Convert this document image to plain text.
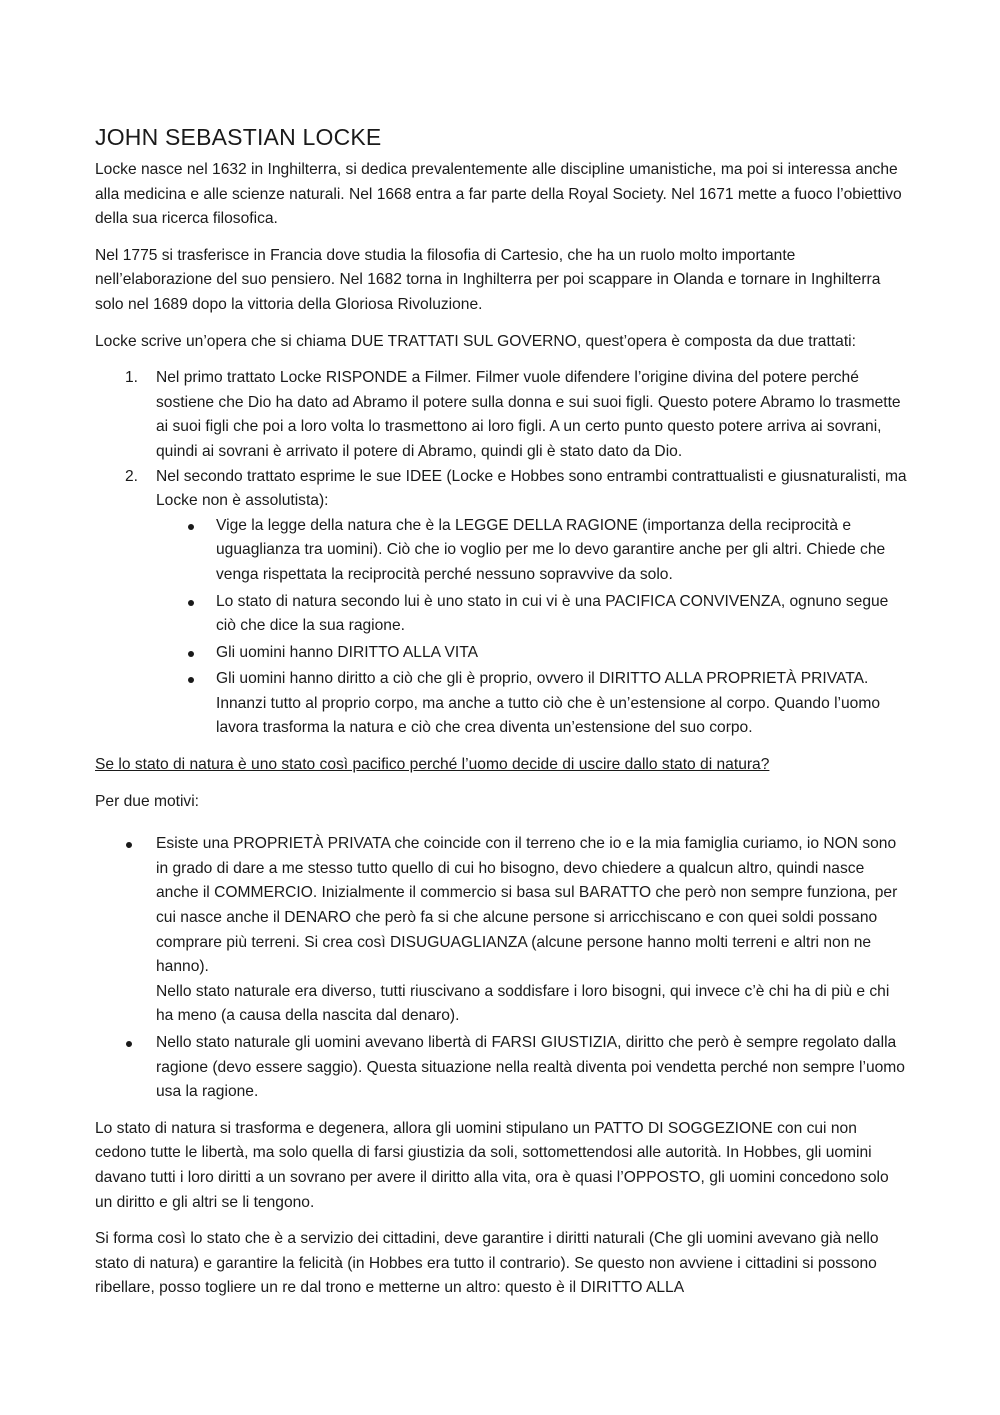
JOHN SEBASTIAN LOCKE

Locke nasce nel 1632 in Inghilterra, si dedica prevalentemente alle discipline umanistiche, ma poi si interessa anche alla medicina e alle scienze naturali. Nel 1668 entra a far parte della Royal Society. Nel 1671 mette a fuoco l’obiettivo della sua ricerca filosofica.

Nel 1775 si trasferisce in Francia dove studia la filosofia di Cartesio, che ha un ruolo molto importante nell’elaborazione del suo pensiero. Nel 1682 torna in Inghilterra per poi scappare in Olanda e tornare in Inghilterra solo nel 1689 dopo la vittoria della Gloriosa Rivoluzione.

Locke scrive un’opera che si chiama DUE TRATTATI SUL GOVERNO, quest’opera è composta da due trattati:

1. Nel primo trattato Locke RISPONDE a Filmer. Filmer vuole difendere l’origine divina del potere perché sostiene che Dio ha dato ad Abramo il potere sulla donna e sui suoi figli. Questo potere Abramo lo trasmette ai suoi figli che poi a loro volta lo trasmettono ai loro figli. A un certo punto questo potere arriva ai sovrani, quindi ai sovrani è arrivato il potere di Abramo, quindi gli è stato dato da Dio.
2. Nel secondo trattato esprime le sue IDEE (Locke e Hobbes sono entrambi contrattualisti e giusnaturalisti, ma Locke non è assolutista):
Vige la legge della natura che è la LEGGE DELLA RAGIONE (importanza della reciprocità e uguaglianza tra uomini). Ciò che io voglio per me lo devo garantire anche per gli altri. Chiede che venga rispettata la reciprocità perché nessuno sopravvive da solo.
Lo stato di natura secondo lui è uno stato in cui vi è una PACIFICA CONVIVENZA, ognuno segue ciò che dice la sua ragione.
Gli uomini hanno DIRITTO ALLA VITA
Gli uomini hanno diritto a ciò che gli è proprio, ovvero il DIRITTO ALLA PROPRIETÀ PRIVATA. Innanzi tutto al proprio corpo, ma anche a tutto ciò che è un’estensione al corpo. Quando l’uomo lavora trasforma la natura e ciò che crea diventa un’estensione del suo corpo.

Se lo stato di natura è uno stato così pacifico perché l’uomo decide di uscire dallo stato di natura?

Per due motivi:

Esiste una PROPRIETÀ PRIVATA che coincide con il terreno che io e la mia famiglia curiamo, io NON sono in grado di dare a me stesso tutto quello di cui ho bisogno, devo chiedere a qualcun altro, quindi nasce anche il COMMERCIO. Inizialmente il commercio si basa sul BARATTO che però non sempre funziona, per cui nasce anche il DENARO che però fa si che alcune persone si arricchiscano e con quei soldi possano comprare più terreni. Si crea così DISUGUAGLIANZA (alcune persone hanno molti terreni e altri non ne hanno).
Nello stato naturale era diverso, tutti riuscivano a soddisfare i loro bisogni, qui invece c’è chi ha di più e chi ha meno (a causa della nascita dal denaro).
Nello stato naturale gli uomini avevano libertà di FARSI GIUSTIZIA, diritto che però è sempre regolato dalla ragione (devo essere saggio). Questa situazione nella realtà diventa poi vendetta perché non sempre l’uomo usa la ragione.

Lo stato di natura si trasforma e degenera, allora gli uomini stipulano un PATTO DI SOGGEZIONE con cui non cedono tutte le libertà, ma solo quella di farsi giustizia da soli, sottomettendosi alle autorità. In Hobbes, gli uomini davano tutti i loro diritti a un sovrano per avere il diritto alla vita, ora è quasi l’OPPOSTO, gli uomini concedono solo un diritto e gli altri se li tengono.

Si forma così lo stato che è a servizio dei cittadini, deve garantire i diritti naturali (Che gli uomini avevano già nello stato di natura) e garantire la felicità (in Hobbes era tutto il contrario). Se questo non avviene i cittadini si possono ribellare, posso togliere un re dal trono e metterne un altro: questo è il DIRITTO ALLA
